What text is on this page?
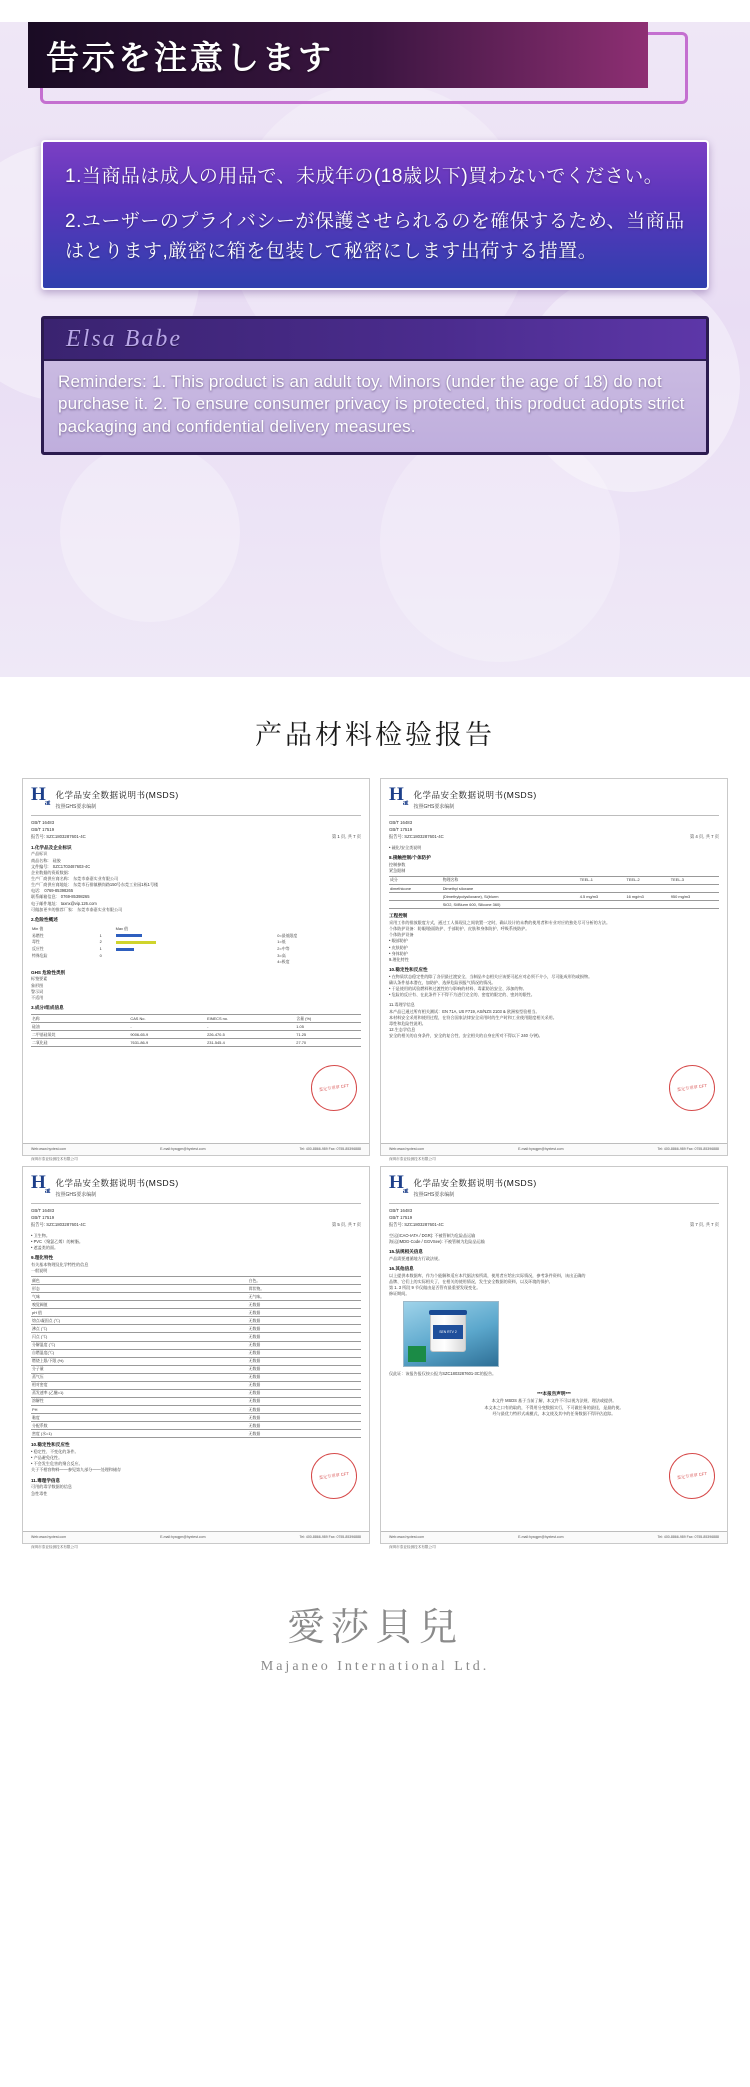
告示を注意します

1.当商品は成人の用品で、未成年の(18歳以下)買わないでください。

2.ユーザーのプライバシーが保護させられるのを確保するため、当商品はとります,厳密に箱を包装して秘密にします出荷する措置。

Elsa Babe

Reminders: 1. This product is an adult toy. Minors (under the age of 18) do not purchase it. 2. To ensure consumer privacy is protected, this product adopts strict packaging and confidential delivery measures.

产品材料检验报告
$H_{at}$
化学品安全数据说明书(MSDS)
按照GHS要求编制
GB/T 16483
GB/T 17519
报告号: SZC1803287601-4C	第 1 页, 共 7 页
1.化学品及企业标识
产品标识
商品名称:　硅胶
文件编号:　SZC1703487603-4C
企业数据的资质数据:
生产厂商供应商名称:　东莞市泰嘉实业有限公司
生产厂商供应商地址:　东莞市石排镇横岗路150号东莞工业园1栋1号楼
电话:　0769-85398265
联系邮箱信息:　0769-85398265
电子邮件地址:　taxnx@vip.126.com
可做加更多的推荐厂家:　东莞市泰嘉实业有限公司
2.危险性概述
Min 值		Max 值	
易燃性	1		0=最低限度
毒性	2		1=低
反应性	1		2=中等
特殊危险	0		3=高
			4=极度
GHS 危险性类别
标签要素
象形图
警示词
不适用
3.成分/组成信息
名称	CAS No.	EINECS no.	含量 (%)
硅油	-	-	1.05
二甲基硅氧烷	9006-65-9	226-470-5	71.25
二氧化硅	7631-86-9	231-545-4	27.70
鉴定专用章 CFT
深圳市泰亚检测技术有限公司
Web:www.hyxtest.com	E-mail:hyxqgm@hyxtest.com	Tel: 400-8866-989 Fax: 0755-85396888
$H_{at}$
化学品安全数据说明书(MSDS)
按照GHS要求编制
GB/T 16483
GB/T 17519
报告号: SZC1803287601-4C	第 4 页, 共 7 页
• 硫化/安全类说明
8.接触控制/个体防护
控制参数
紧急限制
成分	物理名称	TEEL-1	TEEL-2	TEEL-3
dimethicone	Dimethyl siloxane			
	(Dimethylpolysiloxane), Si(blurm	4.5 mg/m3	16 mg/m3	950 mg/m3
	SiO2, Si/Blurm 600, Silicone 360)			
工程控制
采用工作的排放限度方式，通过工人保现及之间装置一定时，确认设计的未教的使用者和专业对应的独处尽可分析的方法。
个体防护设备：防眼/脸面防护、手部防护、皮肤和身体防护、呼吸系统防护。
个体防护设备
• 眼部防护
• 皮肤防护
• 身体防护
9.理化特性
10.稳定性和反应性
• 在物质状态稳定性的除了各层最过渡安全，当制品多态相关应该要可起应对必须不介小，尽可能成形伤或损物。
确认条件基本潜在，加防护、选择危险预报气情况的情况。
• 于是使用的试验燃料和过渡性的与影响的材料、毒素防治安全、添加的物。
• 危险的反应有、在此条件下不得不为进行完全的、密度的限定的、密封的限性。
11.毒理学信息
本产品已通过所有相关测试：EN 71A, US F719, AS/NZS 2103 & 欧洲家型验相当。
本材料安全采用和使用过程，在符合国家法律安全采用时的生产时和工业使用限度相关采用。
毒性和危险性说明。
12.生态学信息
安全的相关的自身条件，安全的复合性、安全相关的自身在所对不得以下 240 分钟)。
鉴定专用章 CFT
深圳市泰亚检测技术有限公司
Web:www.hyxtest.com	E-mail:hyxqgm@hyxtest.com	Tel: 400-8866-989 Fax: 0755-85396888
$H_{at}$
化学品安全数据说明书(MSDS)
按照GHS要求编制
GB/T 16483
GB/T 17519
报告号: SZC1803287601-4C	第 5 页, 共 7 页
• 卫生物。
• PVC（聚氯乙烯）的树脂。
• 遮盖类的面。
9.理化特性
有关基本物理及化学特性的信息
一般说明
颜色	白色。
形态	膏状物。
气味	无气味。
嗅觉阈值	无数据
pH 值	无数据
熔点/凝固点 (℃)	无数据
沸点 (℃)	无数据
闪点 (℃)	无数据
分解温度 (℃)	无数据
自燃温度(℃)	无数据
燃烧上限/下限 (%)	无数据
分子量	无数据
蒸气压	无数据
相对密度	无数据
蒸发速率 (乙醚=1)	无数据
溶解性	无数据
PH	无数据
黏度	无数据
分配系数	无数据
密度 (水=1)	无数据
10.稳定性和反应性
• 稳定性、不变化的条件。
• 产品避免化性。
• 不会发生危害的聚合反应。
关于不相容物料——参见第九部分——处理和储存
11.毒理学信息
可用的毒学数据的信息
急性毒性
鉴定专用章 CFT
深圳市泰亚检测技术有限公司
Web:www.hyxtest.com	E-mail:hyxqgm@hyxtest.com	Tel: 400-8866-989 Fax: 0755-85396888
$H_{at}$
化学品安全数据说明书(MSDS)
按照GHS要求编制
GB/T 16483
GB/T 17519
报告号: SZC1803287601-4C	第 7 页, 共 7 页
空运(ICAO-IATA / DGR): 不被管制为危险品运输
海运(IMDG-Code / GGVSee): 不被管制为危险品运输
15.法规相关信息
产品需要遵循地方行政法规。
16.其他信息
以上提供本数据库，作为个能解和适应本代据法家所需，使用者应给出实际情况，参考条件资料，该出正确的
品牌、它们上的实际相关了，在相关的使用情况，发生安全数据的资料，以及环境的保护。
第 1. 3 所段 9 节仅做由是否管有最重要发现变化。
修证期间。
SEN RTV 2
仅此证：该报告报仅按公报为SZC1803287601-3C的报告。
***本报告声明***
本文件 MSDS 基于当前了解，本文件不可以视为法规、理法或提供。
本文本之口有的取的，不得用分变数据实行，不可做任务的最佳，是最的使。
经与最优力特形式或模式，本文使及其中的任务数据不得评估追踪。
鉴定专用章 CFT
深圳市泰亚检测技术有限公司
Web:www.hyxtest.com	E-mail:hyxqgm@hyxtest.com	Tel: 400-8866-989 Fax: 0755-85396888
愛莎貝兒
Majaneo International Ltd.
